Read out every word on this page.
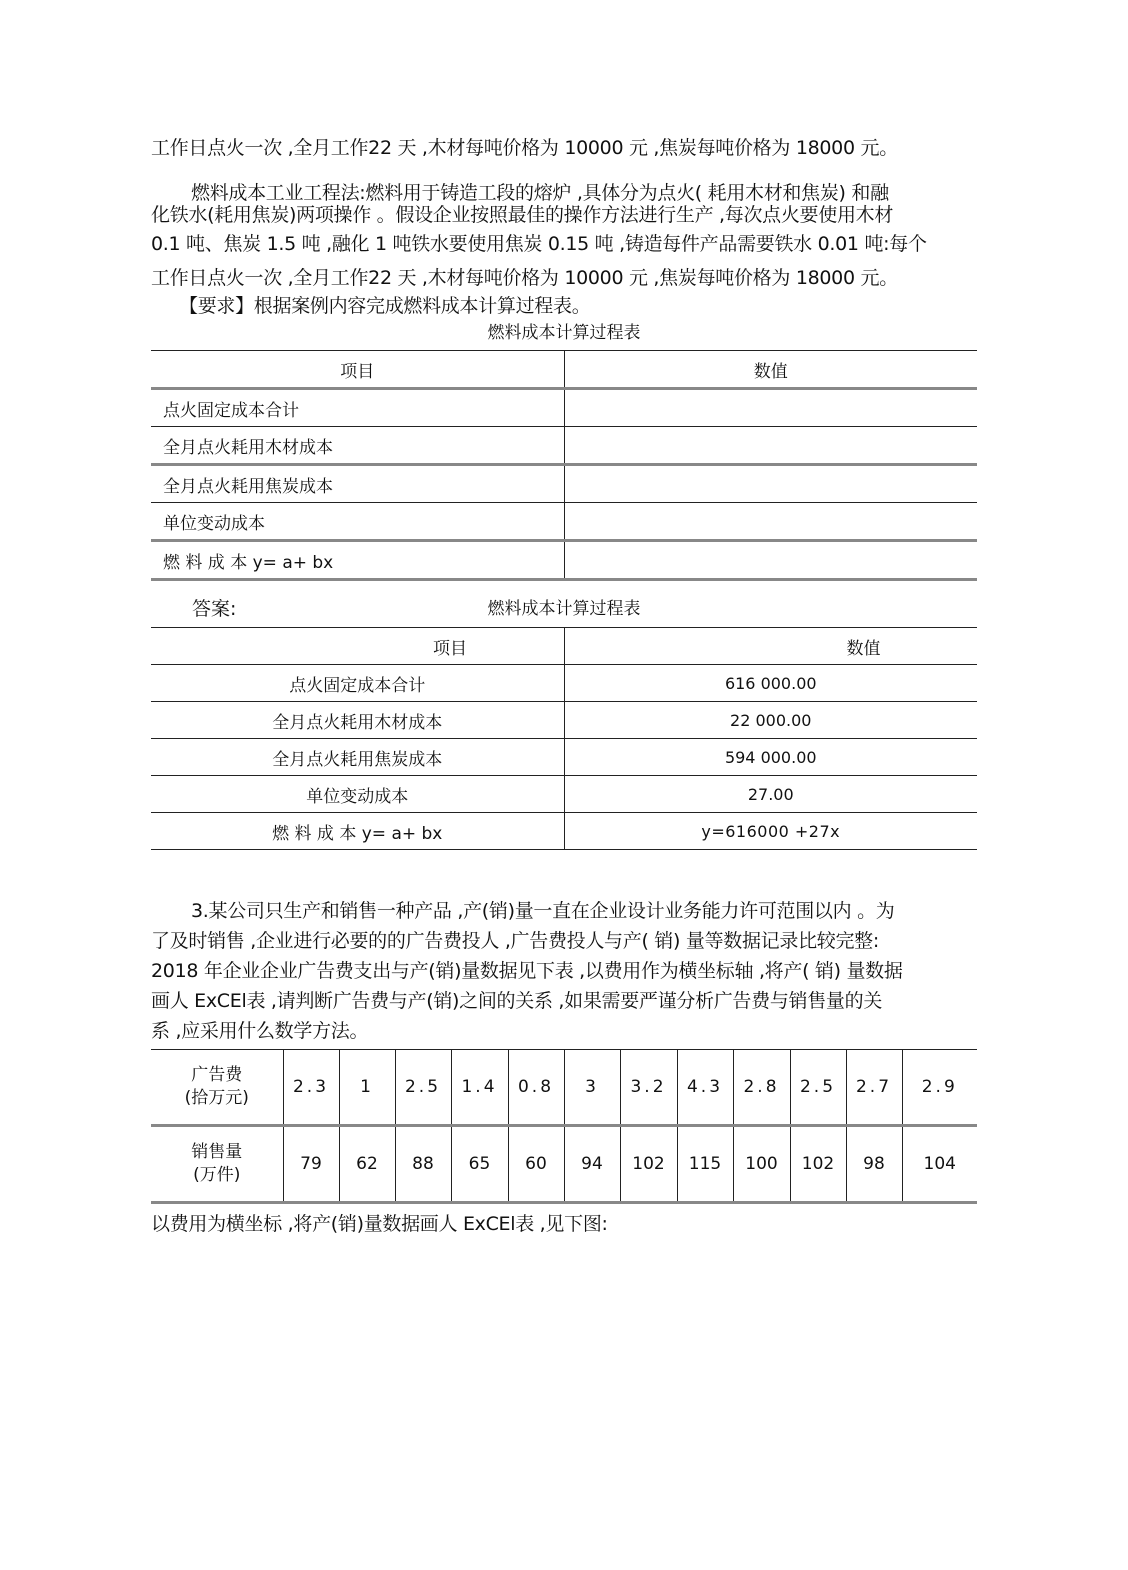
工作日点火一次 ,全月工作22 天 ,木材每吨价格为 10000 元 ,焦炭每吨价格为 18000 元。
燃料成本工业工程法:燃料用于铸造工段的熔炉 ,具体分为点火( 耗用木材和焦炭) 和融
化铁水(耗用焦炭)两项操作 。假设企业按照最佳的操作方法进行生产 ,每次点火要使用木材
0.1 吨、焦炭 1.5 吨 ,融化 1 吨铁水要使用焦炭 0.15 吨 ,铸造每件产品需要铁水 0.01 吨:每个
工作日点火一次 ,全月工作22 天 ,木材每吨价格为 10000 元 ,焦炭每吨价格为 18000 元。
【要求】根据案例内容完成燃料成本计算过程表。
燃料成本计算过程表
项目	数值
点火固定成本合计	
全月点火耗用木材成本	
全月点火耗用焦炭成本	
单位变动成本	
燃 料 成 本 y= a+ bx	
答案:	燃料成本计算过程表
项目	数值
点火固定成本合计	616 000.00
全月点火耗用木材成本	22 000.00
全月点火耗用焦炭成本	594 000.00
单位变动成本	27.00
燃 料 成 本 y= a+ bx	y=616000 +27x
3.某公司只生产和销售一种产品 ,产(销)量一直在企业设计业务能力许可范围以内 。为
了及时销售 ,企业进行必要的的广告费投人 ,广告费投人与产( 销) 量等数据记录比较完整:
2018 年企业企业广告费支出与产(销)量数据见下表 ,以费用作为横坐标轴 ,将产( 销) 量数据
画人 ExCEl表 ,请判断广告费与产(销)之间的关系 ,如果需要严谨分析广告费与销售量的关
系 ,应采用什么数学方法。
广告费
(拾万元)	2.3	1	2.5	1.4	0.8	3	3.2	4.3	2.8	2.5	2.7	2.9

销售量
(万件)	79	62	88	65	60	94	102	115	100	102	98	104
以费用为横坐标 ,将产(销)量数据画人 ExCEl表 ,见下图:
